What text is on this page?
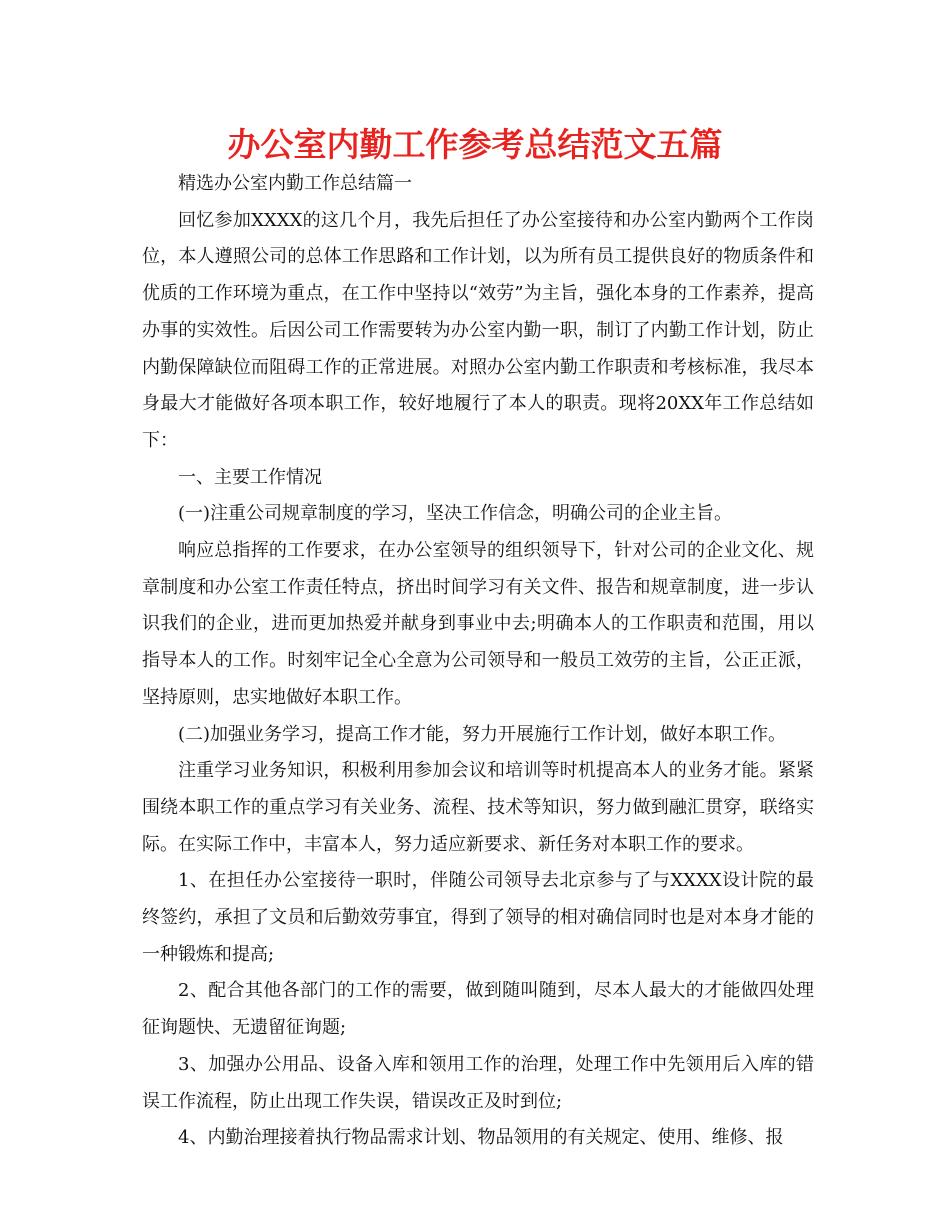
办公室内勤工作参考总结范文五篇

精选办公室内勤工作总结篇一

回忆参加XXXX的这几个月，我先后担任了办公室接待和办公室内勤两个工作岗位，本人遵照公司的总体工作思路和工作计划，以为所有员工提供良好的物质条件和优质的工作环境为重点，在工作中坚持以“效劳”为主旨，强化本身的工作素养，提高办事的实效性。后因公司工作需要转为办公室内勤一职，制订了内勤工作计划，防止内勤保障缺位而阻碍工作的正常进展。对照办公室内勤工作职责和考核标准，我尽本身最大才能做好各项本职工作，较好地履行了本人的职责。现将20XX年工作总结如下：

一、主要工作情况

(一)注重公司规章制度的学习，坚决工作信念，明确公司的企业主旨。

响应总指挥的工作要求，在办公室领导的组织领导下，针对公司的企业文化、规章制度和办公室工作责任特点，挤出时间学习有关文件、报告和规章制度，进一步认识我们的企业，进而更加热爱并献身到事业中去;明确本人的工作职责和范围，用以指导本人的工作。时刻牢记全心全意为公司领导和一般员工效劳的主旨，公正正派，坚持原则，忠实地做好本职工作。

(二)加强业务学习，提高工作才能，努力开展施行工作计划，做好本职工作。

注重学习业务知识，积极利用参加会议和培训等时机提高本人的业务才能。紧紧围绕本职工作的重点学习有关业务、流程、技术等知识，努力做到融汇贯穿，联络实际。在实际工作中，丰富本人，努力适应新要求、新任务对本职工作的要求。

1、在担任办公室接待一职时，伴随公司领导去北京参与了与XXXX设计院的最终签约，承担了文员和后勤效劳事宜，得到了领导的相对确信同时也是对本身才能的一种锻炼和提高;

2、配合其他各部门的工作的需要，做到随叫随到，尽本人最大的才能做四处理征询题快、无遗留征询题;

3、加强办公用品、设备入库和领用工作的治理，处理工作中先领用后入库的错误工作流程，防止出现工作失误，错误改正及时到位;

4、内勤治理接着执行物品需求计划、物品领用的有关规定、使用、维修、报
